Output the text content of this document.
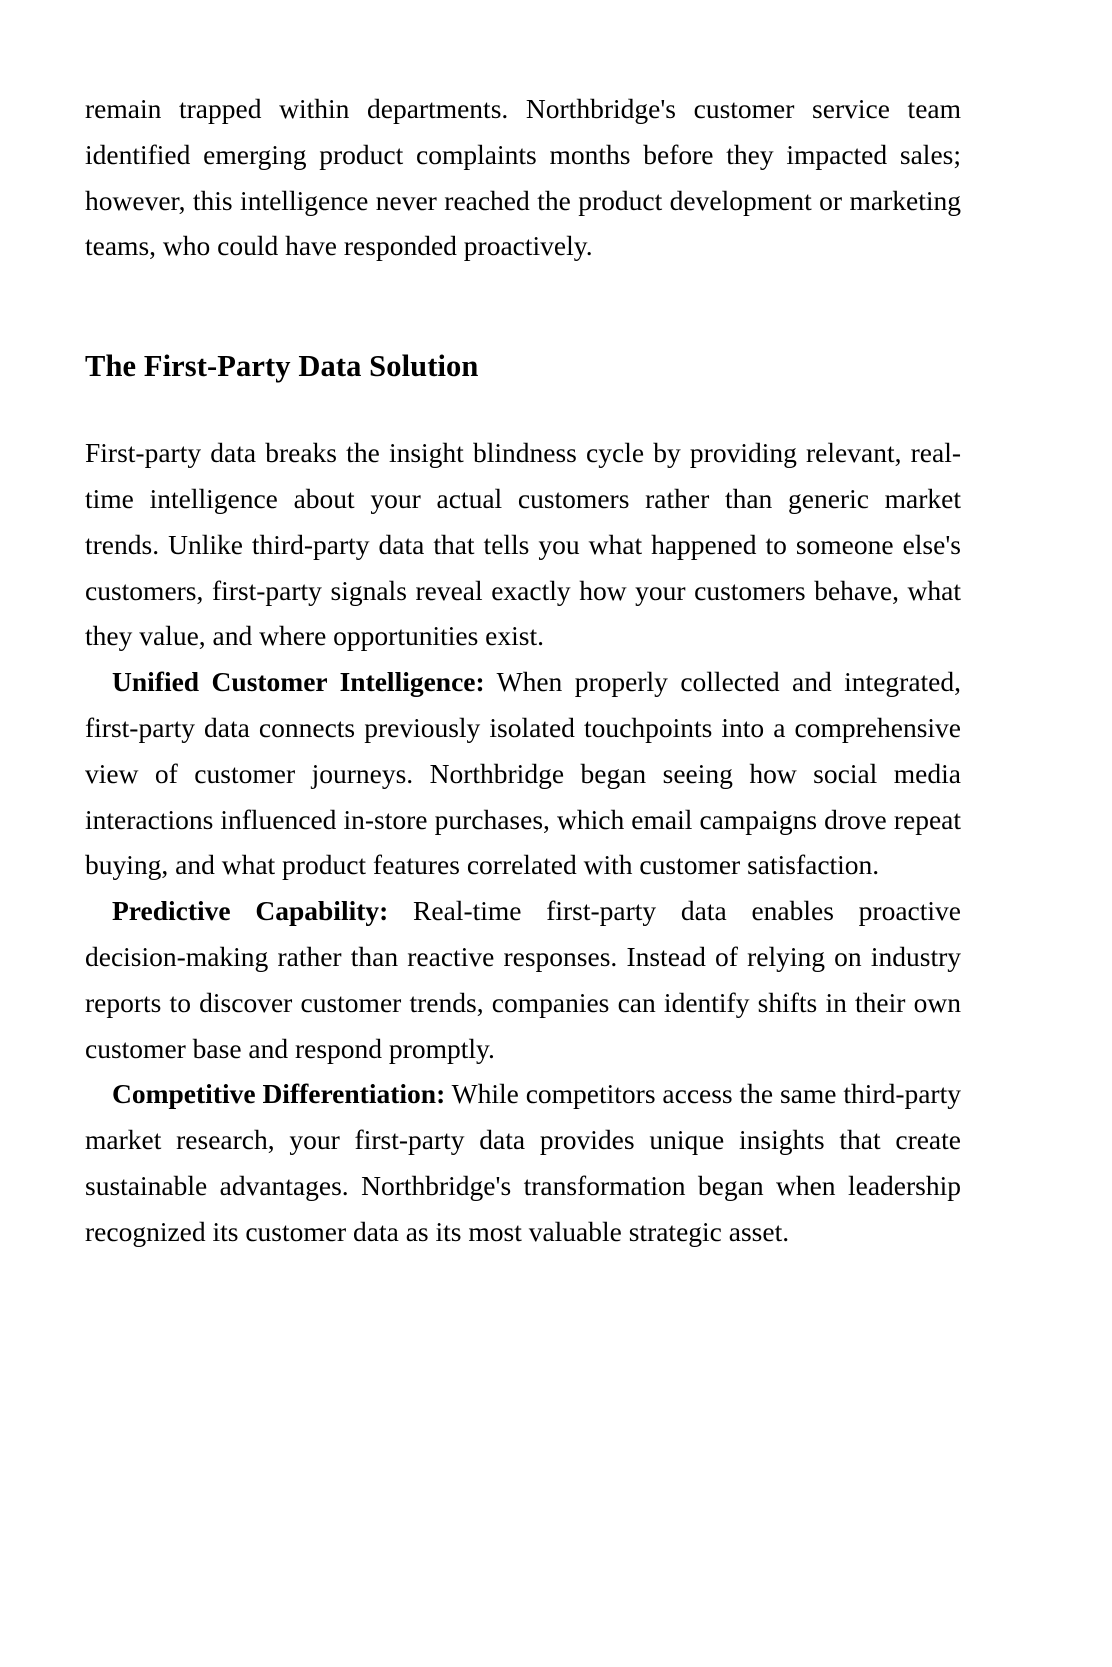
remain trapped within departments. Northbridge's customer service team identified emerging product complaints months before they impacted sales; however, this intelligence never reached the product development or marketing teams, who could have responded proactively.

The First-Party Data Solution

First-party data breaks the insight blindness cycle by providing relevant, real-time intelligence about your actual customers rather than generic market trends. Unlike third-party data that tells you what happened to someone else's customers, first-party signals reveal exactly how your customers behave, what they value, and where opportunities exist.

Unified Customer Intelligence: When properly collected and integrated, first-party data connects previously isolated touchpoints into a comprehensive view of customer journeys. Northbridge began seeing how social media interactions influenced in-store purchases, which email campaigns drove repeat buying, and what product features correlated with customer satisfaction.

Predictive Capability: Real-time first-party data enables proactive decision-making rather than reactive responses. Instead of relying on industry reports to discover customer trends, companies can identify shifts in their own customer base and respond promptly.

Competitive Differentiation: While competitors access the same third-party market research, your first-party data provides unique insights that create sustainable advantages. Northbridge's transformation began when leadership recognized its customer data as its most valuable strategic asset.
